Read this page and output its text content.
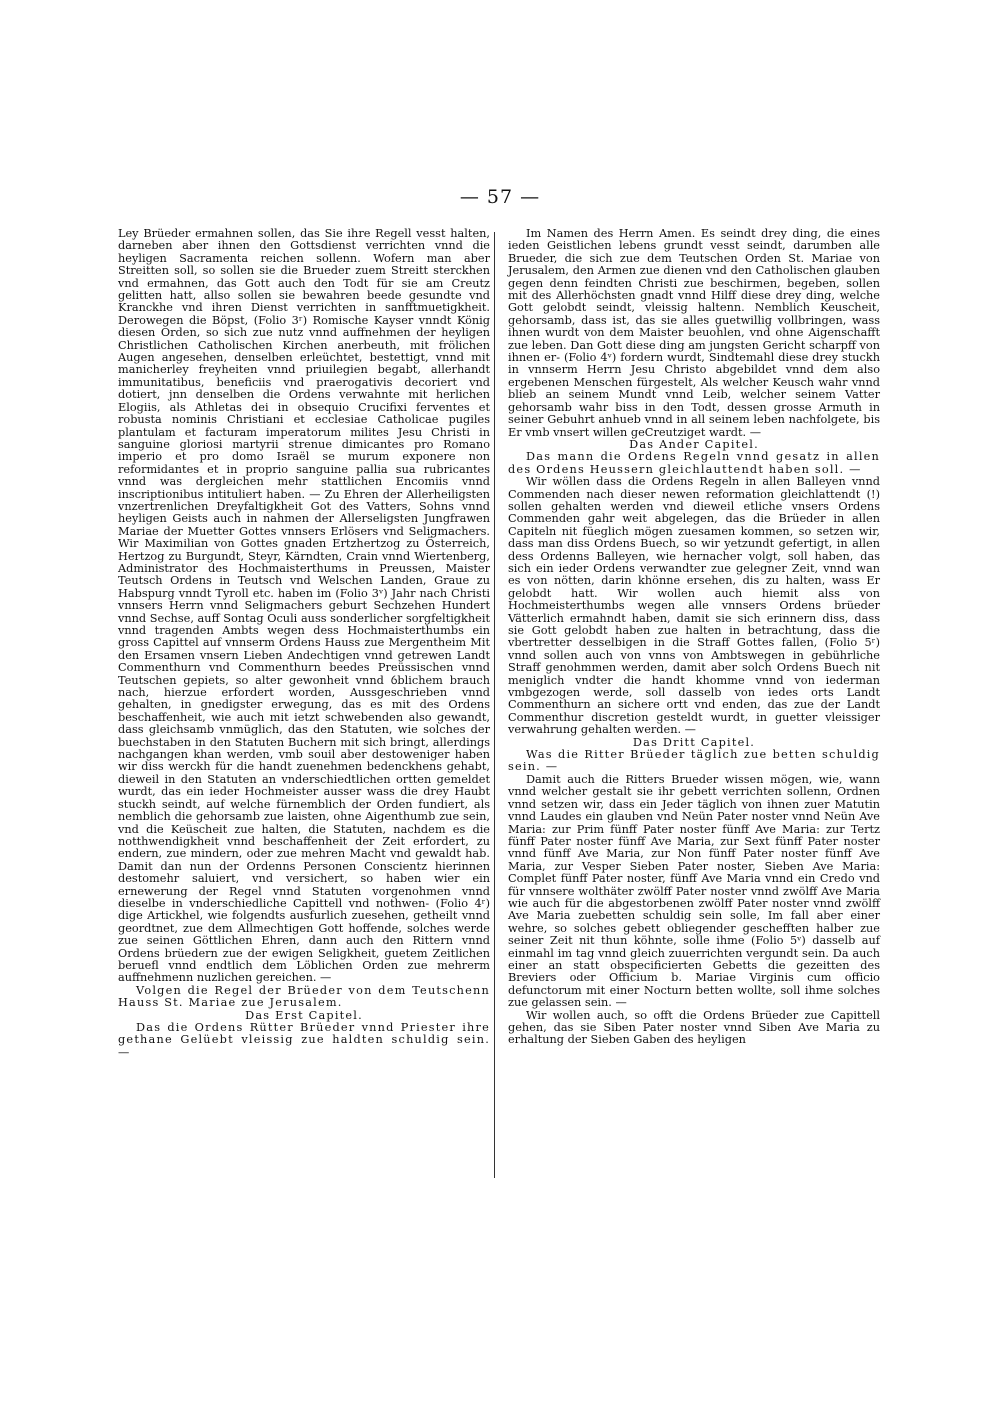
— 57 —

Ley Brüeder ermahnen sollen, das Sie ihre Regell vesst halten, darneben aber ihnen den Gottsdienst verrichten vnnd die heyligen Sacramenta reichen sollenn. Wofern man aber Streitten soll, so sollen sie die Brueder zuem Streitt sterckhen vnd ermahnen, das Gott auch den Todt für sie am Creutz gelitten hatt, allso sollen sie bewahren beede gesundte vnd Kranckhe vnd ihren Dienst verrichten in sanfftmuetigkheit. Derowegen die Böpst, (Folio 3ʳ) Romische Kayser vnndt König diesen Orden, so sich zue nutz vnnd auffnehmen der heyligen Christlichen Catholischen Kirchen anerbeuth, mit frölichen Augen angesehen, denselben erleüchtet, bestettigt, vnnd mit manicherley freyheiten vnnd priuilegien begabt, allerhandt immunitatibus, beneficiis vnd praerogativis decoriert vnd dotiert, jnn denselben die Ordens verwahnte mit herlichen Elogiis, als Athletas dei in obsequio Crucifixi ferventes et robusta nominis Christiani et ecclesiae Catholicae pugiles plantulam et facturam imperatorum milites Jesu Christi in sanguine gloriosi martyrii strenue dimicantes pro Romano imperio et pro domo Israël se murum exponere non reformidantes et in proprio sanguine pallia sua rubricantes vnnd was dergleichen mehr stattlichen Encomiis vnnd inscriptionibus intituliert haben. — Zu Ehren der Allerheiligsten vnzertrenlichen Dreyfaltigkheit Got des Vatters, Sohns vnnd heyligen Geists auch in nahmen der Allerseligsten Jungfrawen Mariae der Muetter Gottes vnnsers Erlösers vnd Seligmachers. Wir Maximilian von Gottes gnaden Ertzhertzog zu Österreich, Hertzog zu Burgundt, Steyr, Kärndten, Crain vnnd Wiertenberg, Administrator des Hochmaisterthums in Preussen, Maister Teutsch Ordens in Teutsch vnd Welschen Landen, Graue zu Habspurg vnndt Tyroll etc. haben im (Folio 3ᵛ) Jahr nach Christi vnnsers Herrn vnnd Seligmachers geburt Sechzehen Hundert vnnd Sechse, auff Sontag Oculi auss sonderlicher sorgfeltigkheit vnnd tragenden Ambts wegen dess Hochmaisterthumbs ein gross Capittel auf vnnserm Ordens Hauss zue Mergentheim Mit den Ersamen vnsern Lieben Andechtigen vnnd getrewen Landt Commenthurn vnd Commenthurn beedes Preüssischen vnnd Teutschen gepiets, so alter gewonheit vnnd ỽblichem brauch nach, hierzue erfordert worden, Aussgeschrieben vnnd gehalten, in gnedigster erwegung, das es mit des Ordens beschaffenheit, wie auch mit ietzt schwebenden also gewandt, dass gleichsamb vnmüglich, das den Statuten, wie solches der buechstaben in den Statuten Buchern mit sich bringt, allerdings nachgangen khan werden, vmb souil aber destoweniger haben wir diss werckh für die handt zuenehmen bedenckhens gehabt, dieweil in den Statuten an vnderschiedtlichen ortten gemeldet wurdt, das ein ieder Hochmeister ausser wass die drey Haubt stuckh seindt, auf welche fürnemblich der Orden fundiert, als nemblich die gehorsamb zue laisten, ohne Aigenthumb zue sein, vnd die Keüscheit zue halten, die Statuten, nachdem es die notthwendigkheit vnnd beschaffenheit der Zeit erfordert, zu endern, zue mindern, oder zue mehren Macht vnd gewaldt hab. Damit dan nun der Ordenns Personen Conscientz hierinnen destomehr saluiert, vnd versichert, so haben wier ein ernewerung der Regel vnnd Statuten vorgenohmen vnnd dieselbe in vnderschiedliche Capittell vnd nothwen- (Folio 4ʳ) dige Artickhel, wie folgendts ausfurlich zuesehen, getheilt vnnd geordtnet, zue dem Allmechtigen Gott hoffende, solches werde zue seinen Göttlichen Ehren, dann auch den Rittern vnnd Ordens brüedern zue der ewigen Seligkheit, guetem Zeitlichen beruefl vnnd endtlich dem Löblichen Orden zue mehrerm auffnehmenn nuzlichen gereichen. —

Volgen die Regel der Brüeder von dem Teutschenn Hauss St. Mariae zue Jerusalem.

Das Erst Capitel.

Das die Ordens Rütter Brüeder vnnd Priester ihre gethane Gelüebt vleissig zue haldten schuldig sein. —

Im Namen des Herrn Amen. Es seindt drey ding, die eines ieden Geistlichen lebens grundt vesst seindt, darumben alle Brueder, die sich zue dem Teutschen Orden St. Mariae von Jerusalem, den Armen zue dienen vnd den Catholischen glauben gegen denn feindten Christi zue beschirmen, begeben, sollen mit des Allerhöchsten gnadt vnnd Hilff diese drey ding, welche Gott gelobdt seindt, vleissig haltenn. Nemblich Keuscheit, gehorsamb, dass ist, das sie alles guetwillig vollbringen, wass ihnen wurdt von dem Maister beuohlen, vnd ohne Aigenschafft zue leben. Dan Gott diese ding am jungsten Gericht scharpff von ihnen er- (Folio 4ᵛ) fordern wurdt, Sindtemahl diese drey stuckh in vnnserm Herrn Jesu Christo abgebildet vnnd dem also ergebenen Menschen fürgestelt, Als welcher Keusch wahr vnnd blieb an seinem Mundt vnnd Leib, welcher seinem Vatter gehorsamb wahr biss in den Todt, dessen grosse Armuth in seiner Gebuhrt anhueb vnnd in all seinem leben nachfolgete, bis Er vmb vnsert willen geCreutziget wardt. —

Das Ander Capitel.

Das mann die Ordens Regeln vnnd gesatz in allen des Ordens Heussern gleichlauttendt haben soll. —

Wir wöllen dass die Ordens Regeln in allen Balleyen vnnd Commenden nach dieser newen reformation gleichlattendt (!) sollen gehalten werden vnd dieweil etliche vnsers Ordens Commenden gahr weit abgelegen, das die Brüeder in allen Capiteln nit füeglich mögen zuesamen kommen, so setzen wir, dass man diss Ordens Buech, so wir yetzundt gefertigt, in allen dess Ordenns Balleyen, wie hernacher volgt, soll haben, das sich ein ieder Ordens verwandter zue gelegner Zeit, vnnd wan es von nötten, darin khönne ersehen, dis zu halten, wass Er gelobdt hatt. Wir wollen auch hiemit alss von Hochmeisterthumbs wegen alle vnnsers Ordens brüeder Vätterlich ermahndt haben, damit sie sich erinnern diss, dass sie Gott gelobdt haben zue halten in betrachtung, dass die vbertretter desselbigen in die Straff Gottes fallen, (Folio 5ʳ) vnnd sollen auch von vnns von Ambtswegen in gebührliche Straff genohmmen werden, damit aber solch Ordens Buech nit meniglich vndter die handt khomme vnnd von iederman vmbgezogen werde, soll dasselb von iedes orts Landt Commenthurn an sichere ortt vnd enden, das zue der Landt Commenthur discretion gesteldt wurdt, in guetter vleissiger verwahrung gehalten werden. —

Das Dritt Capitel.

Was die Ritter Brüeder täglich zue betten schuldig sein. —

Damit auch die Ritters Brueder wissen mögen, wie, wann vnnd welcher gestalt sie ihr gebett verrichten sollenn, Ordnen vnnd setzen wir, dass ein Jeder täglich von ihnen zuer Matutin vnnd Laudes ein glauben vnd Neün Pater noster vnnd Neün Ave Maria: zur Prim fünff Pater noster fünff Ave Maria: zur Tertz fünff Pater noster fünff Ave Maria, zur Sext fünff Pater noster vnnd fünff Ave Maria, zur Non fünff Pater noster fünff Ave Maria, zur Vesper Sieben Pater noster, Sieben Ave Maria: Complet fünff Pater noster, fünff Ave Maria vnnd ein Credo vnd für vnnsere wolthäter zwölff Pater noster vnnd zwölff Ave Maria wie auch für die abgestorbenen zwölff Pater noster vnnd zwölff Ave Maria zuebetten schuldig sein solle, Im fall aber einer wehre, so solches gebett obliegender geschefften halber zue seiner Zeit nit thun köhnte, solle ihme (Folio 5ᵛ) dasselb auf einmahl im tag vnnd gleich zuuerrichten vergundt sein. Da auch einer an statt obspecificierten Gebetts die gezeitten des Breviers oder Officium b. Mariae Virginis cum officio defunctorum mit einer Nocturn betten wollte, soll ihme solches zue gelassen sein. —

Wir wollen auch, so offt die Ordens Brüeder zue Capittell gehen, das sie Siben Pater noster vnnd Siben Ave Maria zu erhaltung der Sieben Gaben des heyligen
